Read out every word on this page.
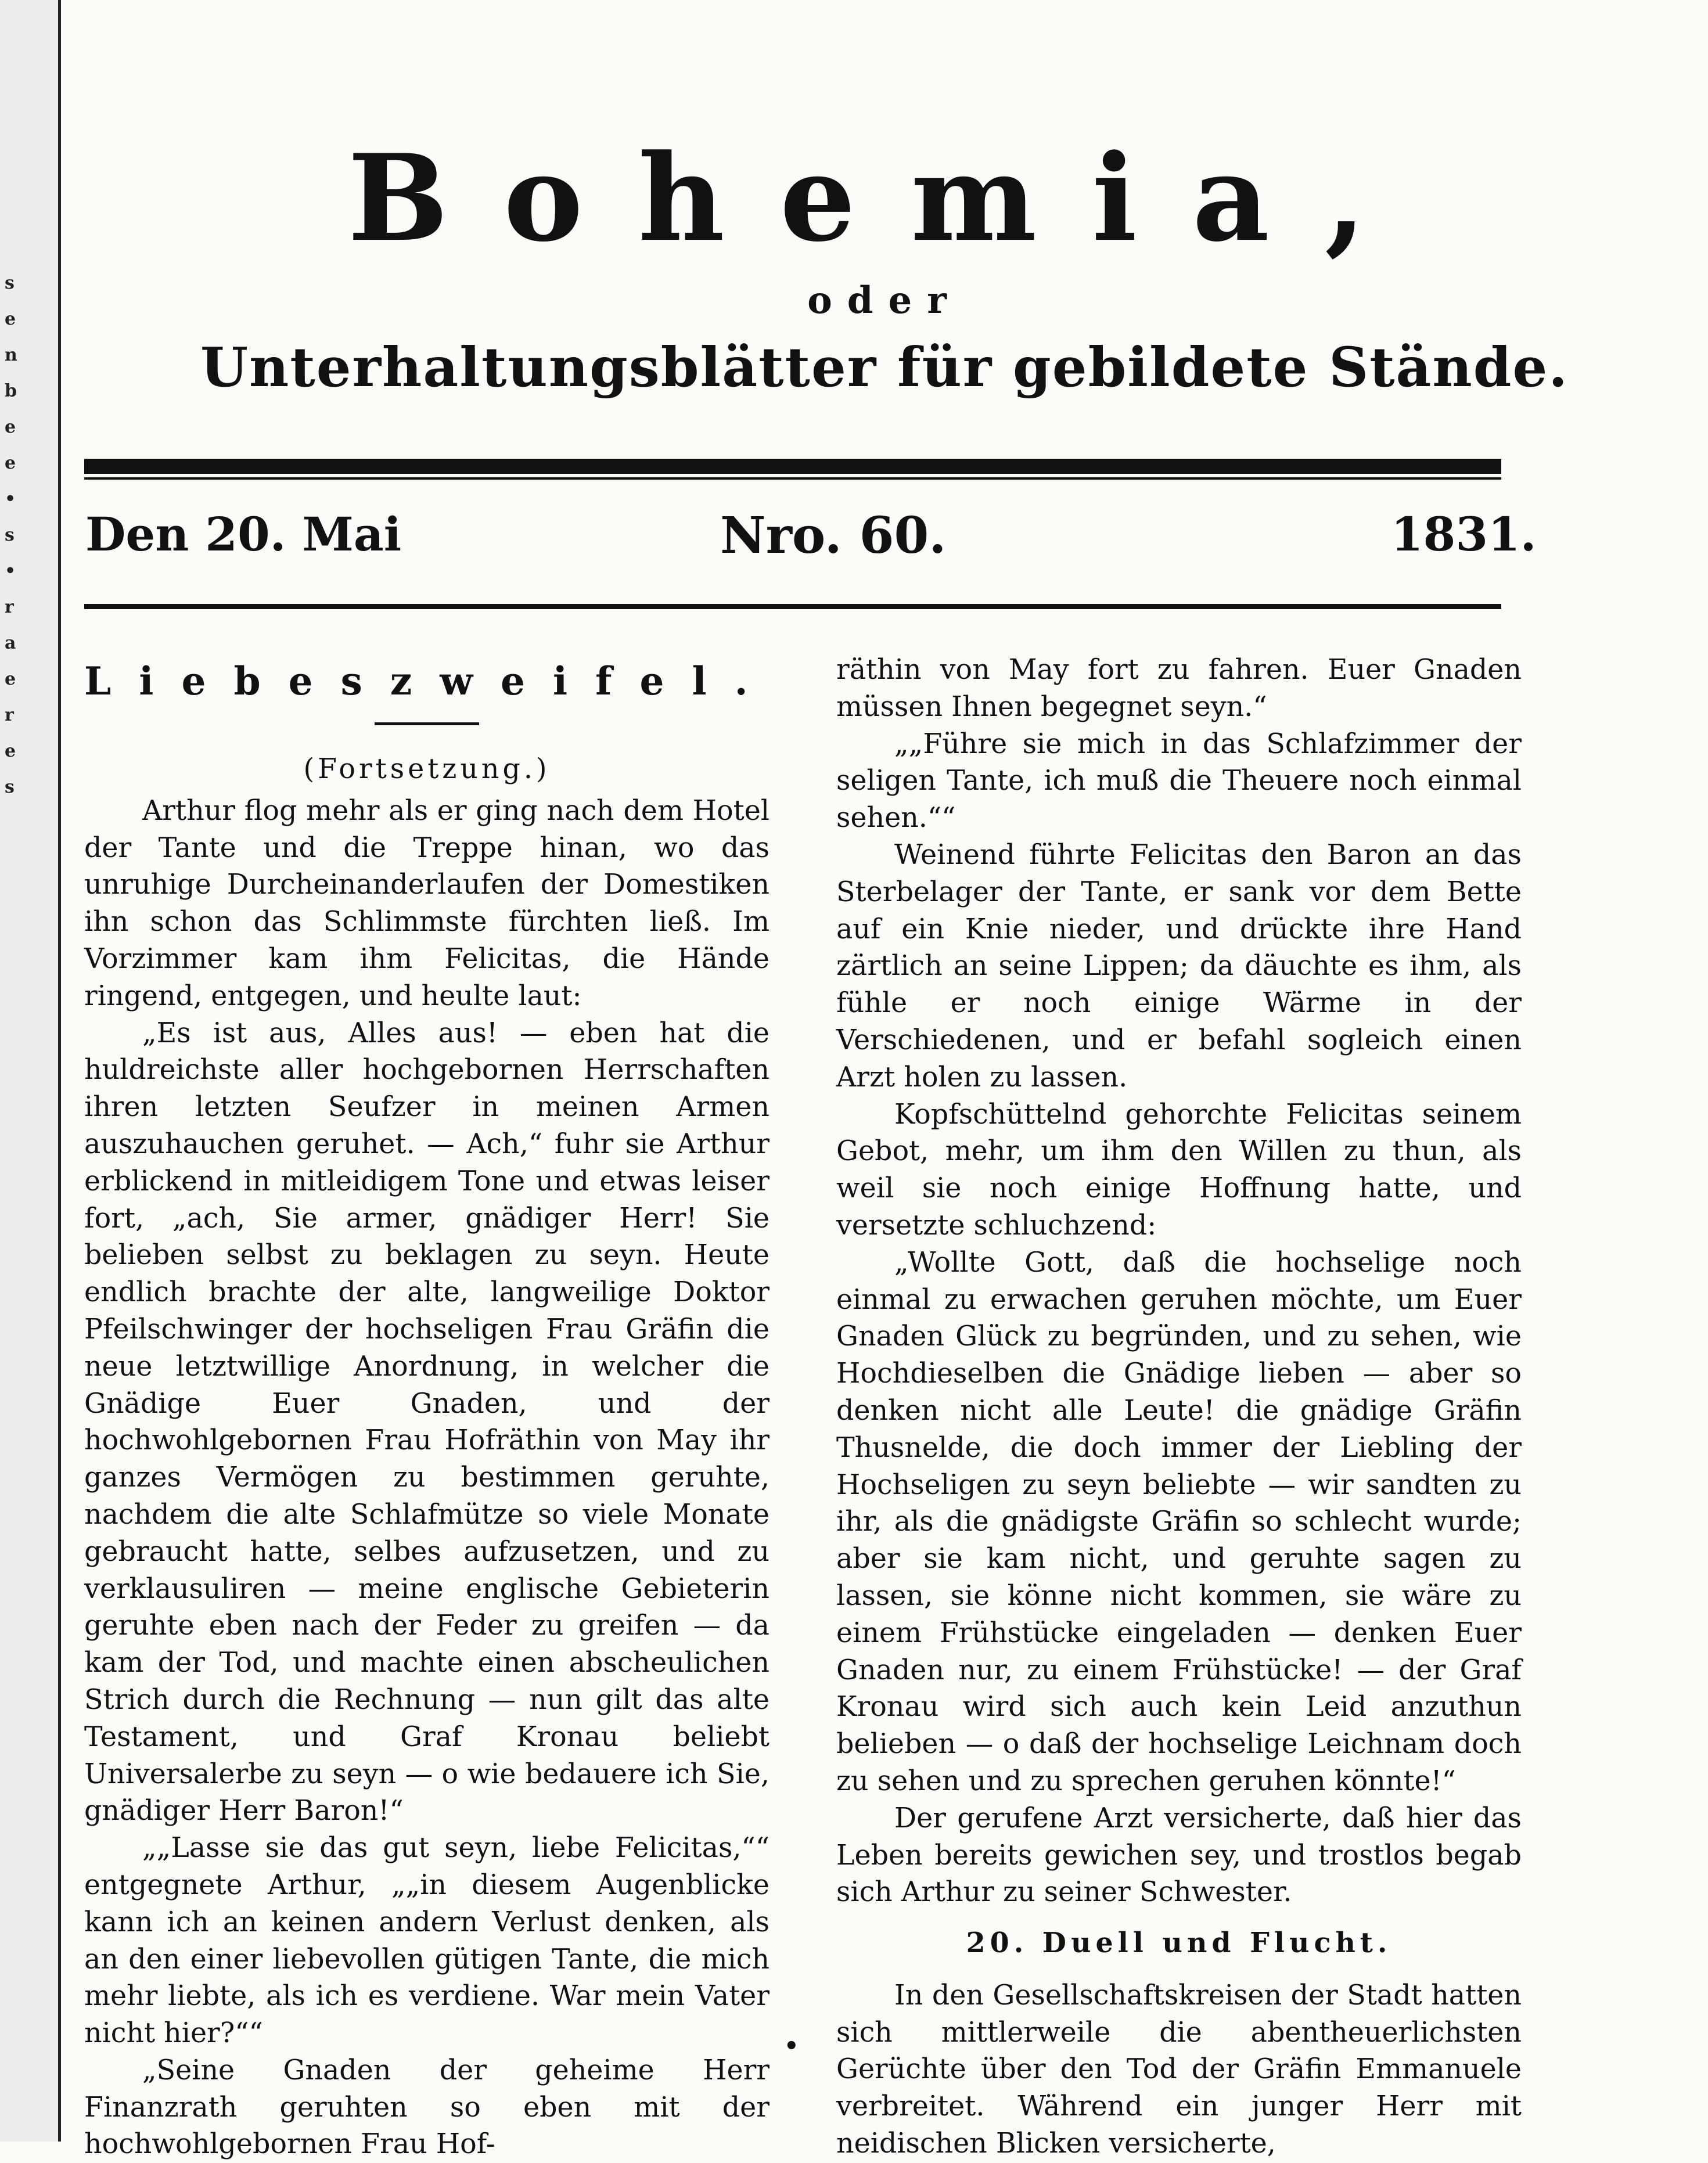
s
e
n
b
e
e
•
s
•
r
a
e
r
e
s
Bohemia,
oder
Unterhaltungsblätter für gebildete Stände.
Den 20. Mai	Nro. 60.	1831.
Liebeszweifel.
(Fortsetzung.)

Arthur flog mehr als er ging nach dem Hotel der Tante und die Treppe hinan, wo das unruhige Durcheinanderlaufen der Domestiken ihn schon das Schlimmste fürchten ließ. Im Vorzimmer kam ihm Felicitas, die Hände ringend, entgegen, und heulte laut:

„Es ist aus, Alles aus! — eben hat die huldreichste aller hochgebornen Herrschaften ihren letzten Seufzer in meinen Armen auszuhauchen geruhet. — Ach,“ fuhr sie Arthur erblickend in mitleidigem Tone und etwas leiser fort, „ach, Sie armer, gnädiger Herr! Sie belieben selbst zu beklagen zu seyn. Heute endlich brachte der alte, langweilige Doktor Pfeilschwinger der hochseligen Frau Gräfin die neue letztwillige Anordnung, in welcher die Gnädige Euer Gnaden, und der hochwohlgebornen Frau Hofräthin von May ihr ganzes Vermögen zu bestimmen geruhte, nachdem die alte Schlafmütze so viele Monate gebraucht hatte, selbes aufzusetzen, und zu verklausuliren — meine englische Gebieterin geruhte eben nach der Feder zu greifen — da kam der Tod, und machte einen abscheulichen Strich durch die Rechnung — nun gilt das alte Testament, und Graf Kronau beliebt Universalerbe zu seyn — o wie bedauere ich Sie, gnädiger Herr Baron!“

„„Lasse sie das gut seyn, liebe Felicitas,““ entgegnete Arthur, „„in diesem Augenblicke kann ich an keinen andern Verlust denken, als an den einer liebevollen gütigen Tante, die mich mehr liebte, als ich es verdiene. War mein Vater nicht hier?““

„Seine Gnaden der geheime Herr Finanzrath geruhten so eben mit der hochwohlgebornen Frau Hof-

räthin von May fort zu fahren. Euer Gnaden müssen Ihnen begegnet seyn.“

„„Führe sie mich in das Schlafzimmer der seligen Tante, ich muß die Theuere noch einmal sehen.““

Weinend führte Felicitas den Baron an das Sterbelager der Tante, er sank vor dem Bette auf ein Knie nieder, und drückte ihre Hand zärtlich an seine Lippen; da däuchte es ihm, als fühle er noch einige Wärme in der Verschiedenen, und er befahl sogleich einen Arzt holen zu lassen.

Kopfschüttelnd gehorchte Felicitas seinem Gebot, mehr, um ihm den Willen zu thun, als weil sie noch einige Hoffnung hatte, und versetzte schluchzend:

„Wollte Gott, daß die hochselige noch einmal zu erwachen geruhen möchte, um Euer Gnaden Glück zu begründen, und zu sehen, wie Hochdieselben die Gnädige lieben — aber so denken nicht alle Leute! die gnädige Gräfin Thusnelde, die doch immer der Liebling der Hochseligen zu seyn beliebte — wir sandten zu ihr, als die gnädigste Gräfin so schlecht wurde; aber sie kam nicht, und geruhte sagen zu lassen, sie könne nicht kommen, sie wäre zu einem Frühstücke eingeladen — denken Euer Gnaden nur, zu einem Frühstücke! — der Graf Kronau wird sich auch kein Leid anzuthun belieben — o daß der hochselige Leichnam doch zu sehen und zu sprechen geruhen könnte!“

Der gerufene Arzt versicherte, daß hier das Leben bereits gewichen sey, und trostlos begab sich Arthur zu seiner Schwester.

20. Duell und Flucht.

In den Gesellschaftskreisen der Stadt hatten sich mittlerweile die abentheuerlichsten Gerüchte über den Tod der Gräfin Emmanuele verbreitet. Während ein junger Herr mit neidischen Blicken versicherte,

•
